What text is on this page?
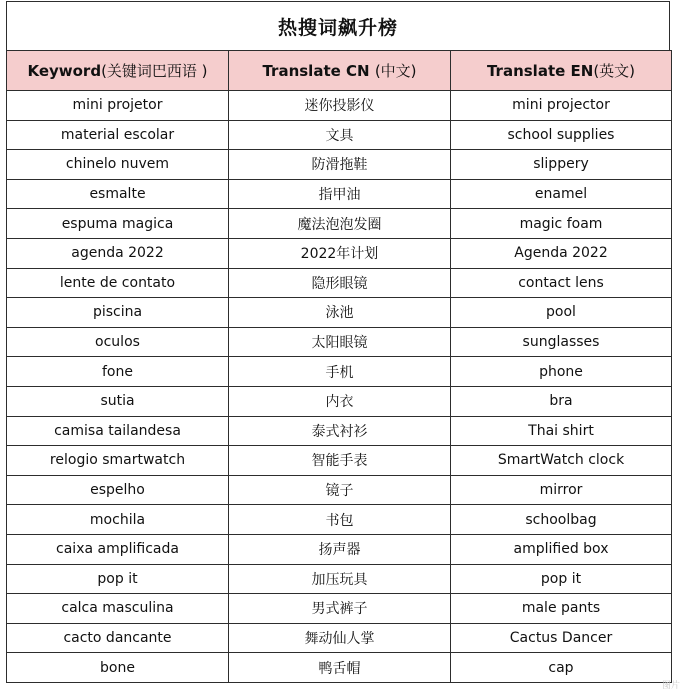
热搜词飙升榜
Keyword(关键词巴西语 )	Translate CN (中文)	Translate EN(英文)
mini projetor	迷你投影仪	mini projector
material escolar	文具	school supplies
chinelo nuvem	防滑拖鞋	slippery
esmalte	指甲油	enamel
espuma magica	魔法泡泡发圈	magic foam
agenda 2022	2022年计划	Agenda 2022
lente de contato	隐形眼镜	contact lens
piscina	泳池	pool
oculos	太阳眼镜	sunglasses
fone	手机	phone
sutia	内衣	bra
camisa tailandesa	泰式衬衫	Thai shirt
relogio smartwatch	智能手表	SmartWatch clock
espelho	镜子	mirror
mochila	书包	schoolbag
caixa amplificada	扬声器	amplified box
pop it	加压玩具	pop it
calca masculina	男式裤子	male pants
cacto dancante	舞动仙人掌	Cactus Dancer
bone	鸭舌帽	cap
图片
